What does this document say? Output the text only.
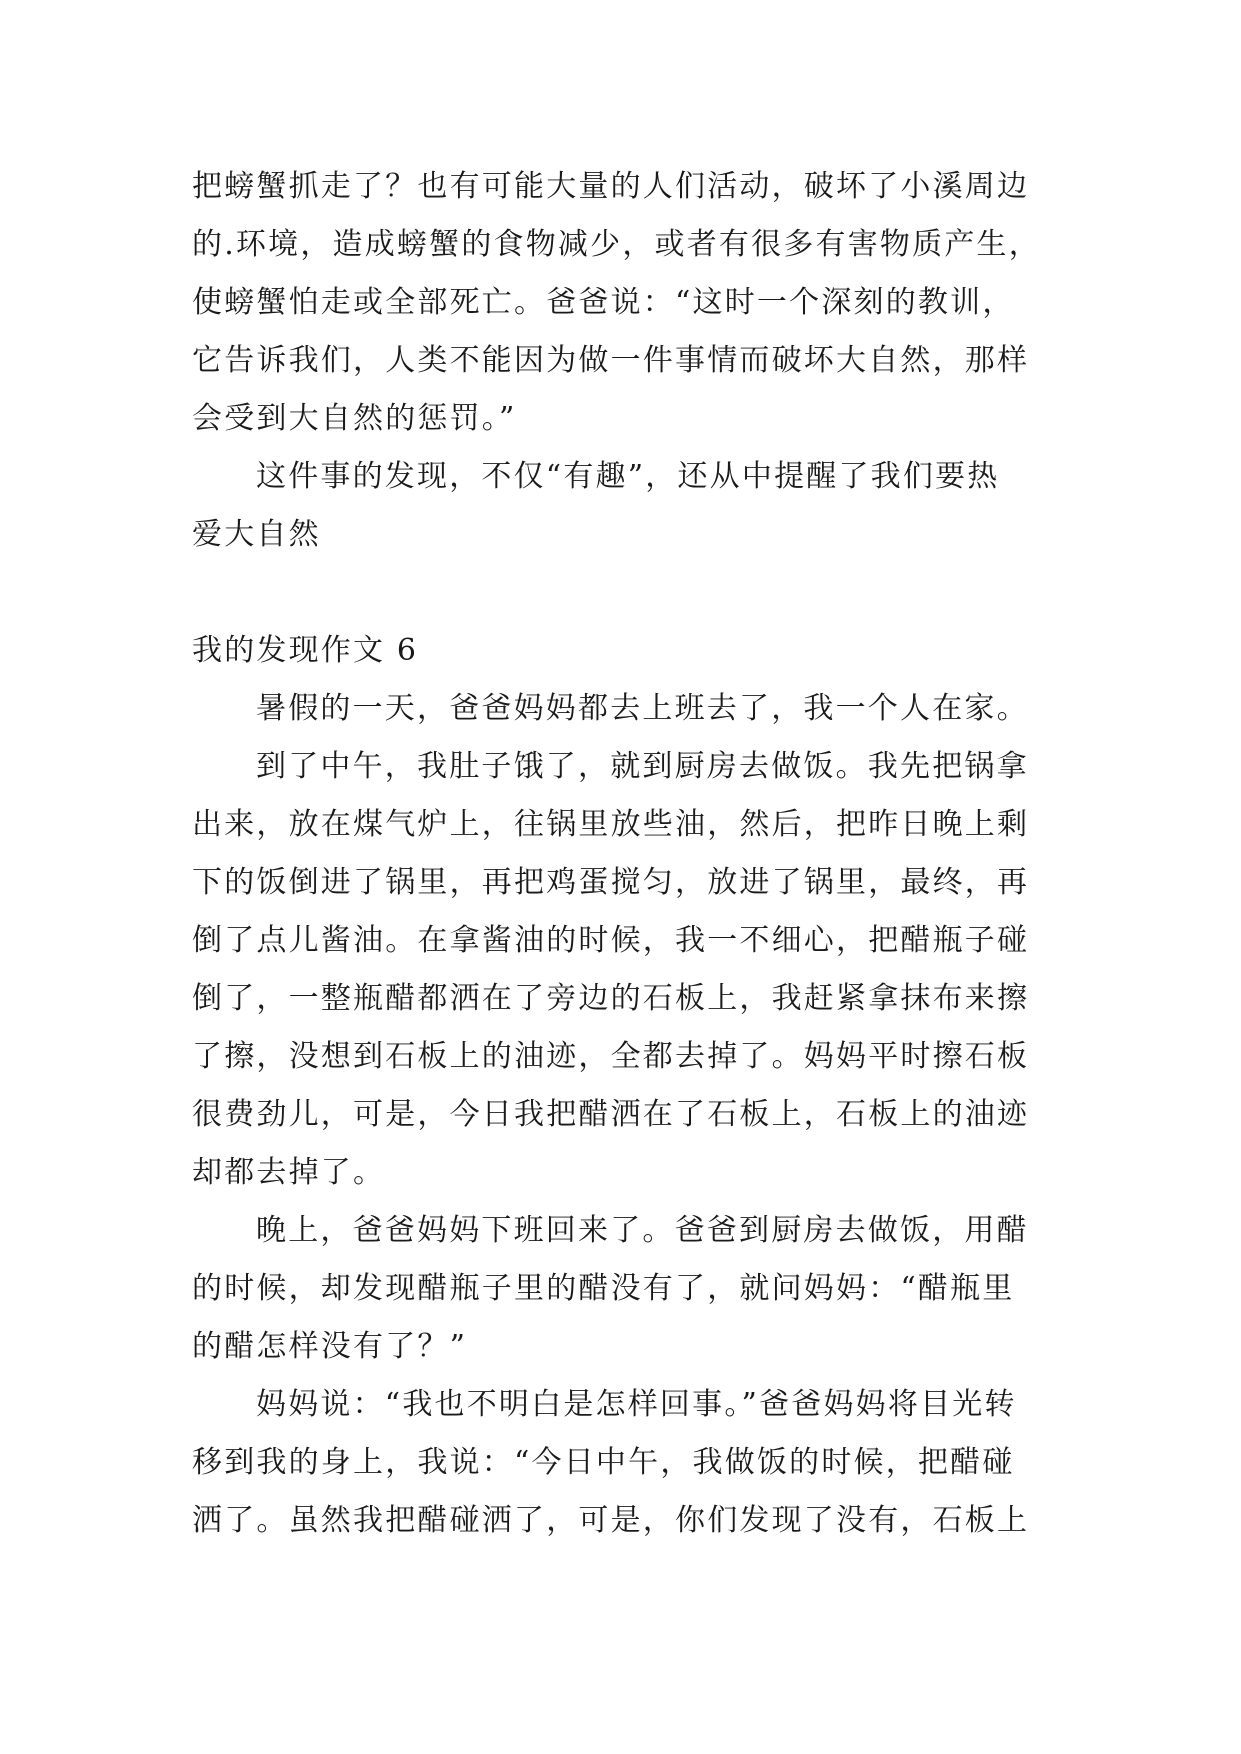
把螃蟹抓走了？也有可能大量的人们活动，破坏了小溪周边
的.环境，造成螃蟹的食物减少，或者有很多有害物质产生，
使螃蟹怕走或全部死亡。爸爸说：“这时一个深刻的教训，
它告诉我们，人类不能因为做一件事情而破坏大自然，那样
会受到大自然的惩罚。”
这件事的发现，不仅“有趣”，还从中提醒了我们要热
爱大自然
我的发现作文 6
暑假的一天，爸爸妈妈都去上班去了，我一个人在家。
到了中午，我肚子饿了，就到厨房去做饭。我先把锅拿
出来，放在煤气炉上，往锅里放些油，然后，把昨日晚上剩
下的饭倒进了锅里，再把鸡蛋搅匀，放进了锅里，最终，再
倒了点儿酱油。在拿酱油的时候，我一不细心，把醋瓶子碰
倒了，一整瓶醋都洒在了旁边的石板上，我赶紧拿抹布来擦
了擦，没想到石板上的油迹，全都去掉了。妈妈平时擦石板
很费劲儿，可是，今日我把醋洒在了石板上，石板上的油迹
却都去掉了。
晚上，爸爸妈妈下班回来了。爸爸到厨房去做饭，用醋
的时候，却发现醋瓶子里的醋没有了，就问妈妈：“醋瓶里
的醋怎样没有了？”
妈妈说：“我也不明白是怎样回事。”爸爸妈妈将目光转
移到我的身上，我说：“今日中午，我做饭的时候，把醋碰
洒了。虽然我把醋碰洒了，可是，你们发现了没有，石板上
